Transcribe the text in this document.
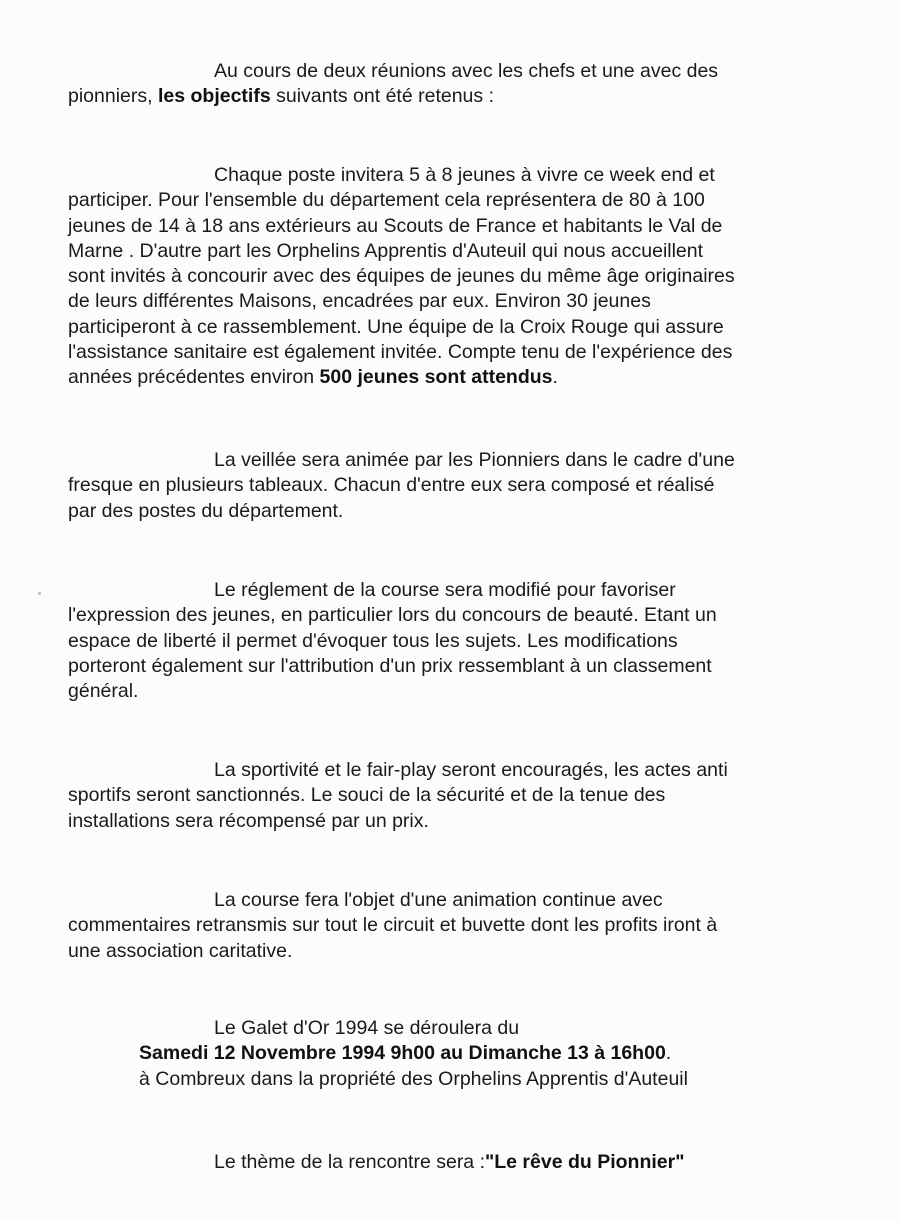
Au cours de deux réunions avec les chefs et une avec des
pionniers, les objectifs suivants ont été retenus :
Chaque poste invitera 5 à 8 jeunes à vivre ce week end et
participer. Pour l'ensemble du département cela représentera de 80 à 100
jeunes de 14 à 18 ans extérieurs au Scouts de France et habitants le Val de
Marne . D'autre part les Orphelins Apprentis d'Auteuil qui nous accueillent
sont invités à concourir avec des équipes de jeunes du même âge originaires
de leurs différentes Maisons, encadrées par eux. Environ 30 jeunes
participeront à ce rassemblement. Une équipe de la Croix Rouge qui assure
l'assistance sanitaire est également invitée. Compte tenu de l'expérience des
années précédentes environ 500 jeunes sont attendus.
La veillée sera animée par les Pionniers dans le cadre d'une
fresque en plusieurs tableaux. Chacun d'entre eux sera composé et réalisé
par des postes du département.
Le réglement de la course sera modifié pour favoriser
l'expression des jeunes, en particulier lors du concours de beauté. Etant un
espace de liberté il permet d'évoquer tous les sujets. Les modifications
porteront également sur l'attribution d'un prix ressemblant à un classement
général.
La sportivité et le fair-play seront encouragés, les actes anti
sportifs seront sanctionnés. Le souci de la sécurité et de la tenue des
installations sera récompensé par un prix.
La course fera l'objet d'une animation continue avec
commentaires retransmis sur tout le circuit et buvette dont les profits iront à
une association caritative.
Le Galet d'Or 1994 se déroulera du
Samedi 12 Novembre 1994 9h00 au Dimanche 13 à 16h00.
à Combreux dans la propriété des Orphelins Apprentis d'Auteuil
Le thème de la rencontre sera :"Le rêve du Pionnier"
